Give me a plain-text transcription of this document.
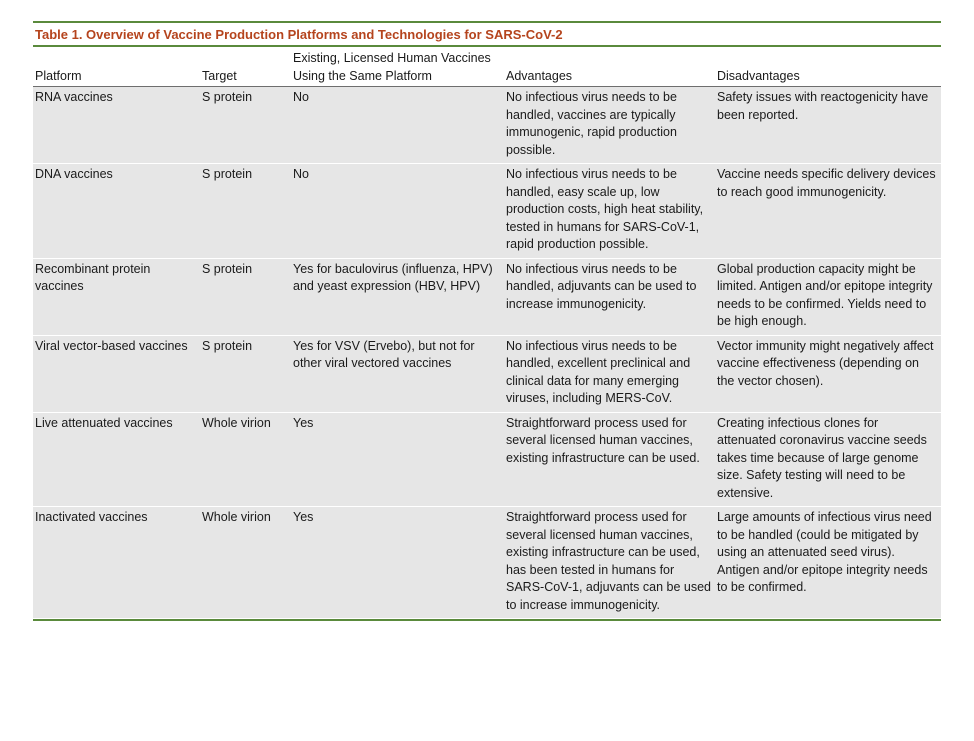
Table 1. Overview of Vaccine Production Platforms and Technologies for SARS-CoV-2
Platform	Target	Existing, Licensed Human Vaccines Using the Same Platform	Advantages	Disadvantages
RNA vaccines	S protein	No	No infectious virus needs to be handled, vaccines are typically immunogenic, rapid production possible.	Safety issues with reactogenicity have been reported.
DNA vaccines	S protein	No	No infectious virus needs to be handled, easy scale up, low production costs, high heat stability, tested in humans for SARS-CoV-1, rapid production possible.	Vaccine needs specific delivery devices to reach good immunogenicity.
Recombinant protein vaccines	S protein	Yes for baculovirus (influenza, HPV) and yeast expression (HBV, HPV)	No infectious virus needs to be handled, adjuvants can be used to increase immunogenicity.	Global production capacity might be limited. Antigen and/or epitope integrity needs to be confirmed. Yields need to be high enough.
Viral vector-based vaccines	S protein	Yes for VSV (Ervebo), but not for other viral vectored vaccines	No infectious virus needs to be handled, excellent preclinical and clinical data for many emerging viruses, including MERS-CoV.	Vector immunity might negatively affect vaccine effectiveness (depending on the vector chosen).
Live attenuated vaccines	Whole virion	Yes	Straightforward process used for several licensed human vaccines, existing infrastructure can be used.	Creating infectious clones for attenuated coronavirus vaccine seeds takes time because of large genome size. Safety testing will need to be extensive.
Inactivated vaccines	Whole virion	Yes	Straightforward process used for several licensed human vaccines, existing infrastructure can be used, has been tested in humans for SARS-CoV-1, adjuvants can be used to increase immunogenicity.	Large amounts of infectious virus need to be handled (could be mitigated by using an attenuated seed virus). Antigen and/or epitope integrity needs to be confirmed.
